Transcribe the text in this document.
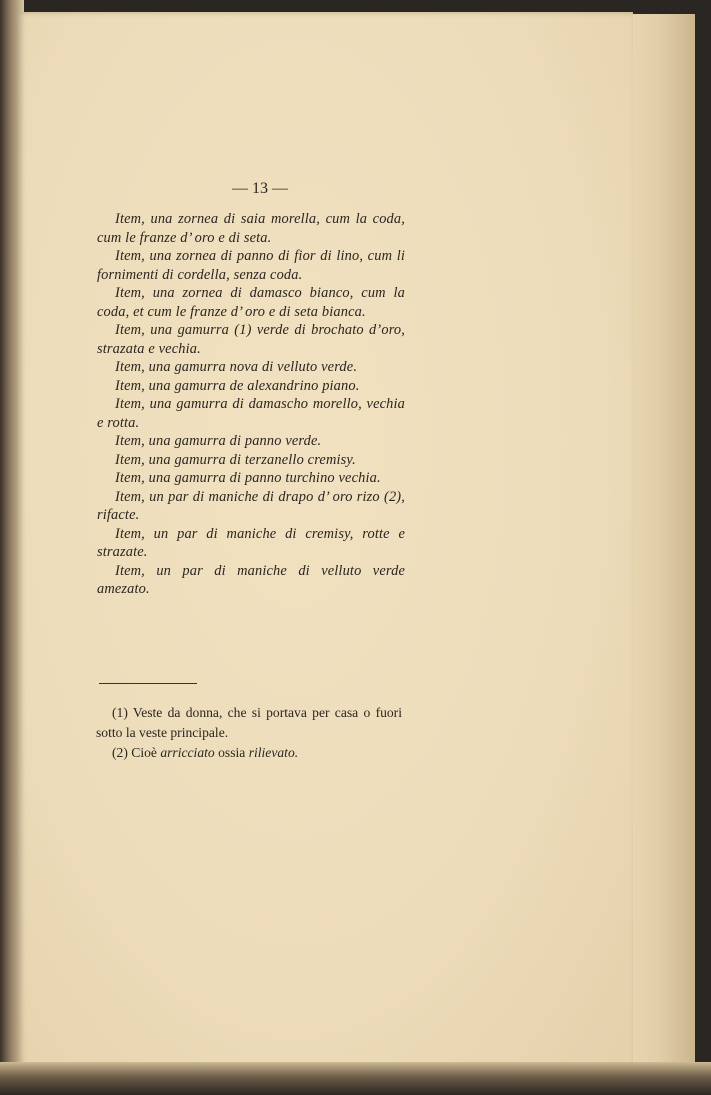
— 13 —

Item, una zornea di saia morella, cum la coda, cum le franze d’ oro e di seta.

Item, una zornea di panno di fior di lino, cum li fornimenti di cordella, senza coda.

Item, una zornea di damasco bianco, cum la coda, et cum le franze d’ oro e di seta bianca.

Item, una gamurra (1) verde di brochato d’oro, strazata e vechia.

Item, una gamurra nova di velluto verde.

Item, una gamurra de alexandrino piano.

Item, una gamurra di damascho morello, vechia e rotta.

Item, una gamurra di panno verde.

Item, una gamurra di terzanello cremisy.

Item, una gamurra di panno turchino vechia.

Item, un par di maniche di drapo d’ oro rizo (2), rifacte.

Item, un par di maniche di cremisy, rotte e strazate.

Item, un par di maniche di velluto verde amezato.

(1) Veste da donna, che si portava per casa o fuori sotto la veste principale.

(2) Cioè arricciato ossia rilievato.
